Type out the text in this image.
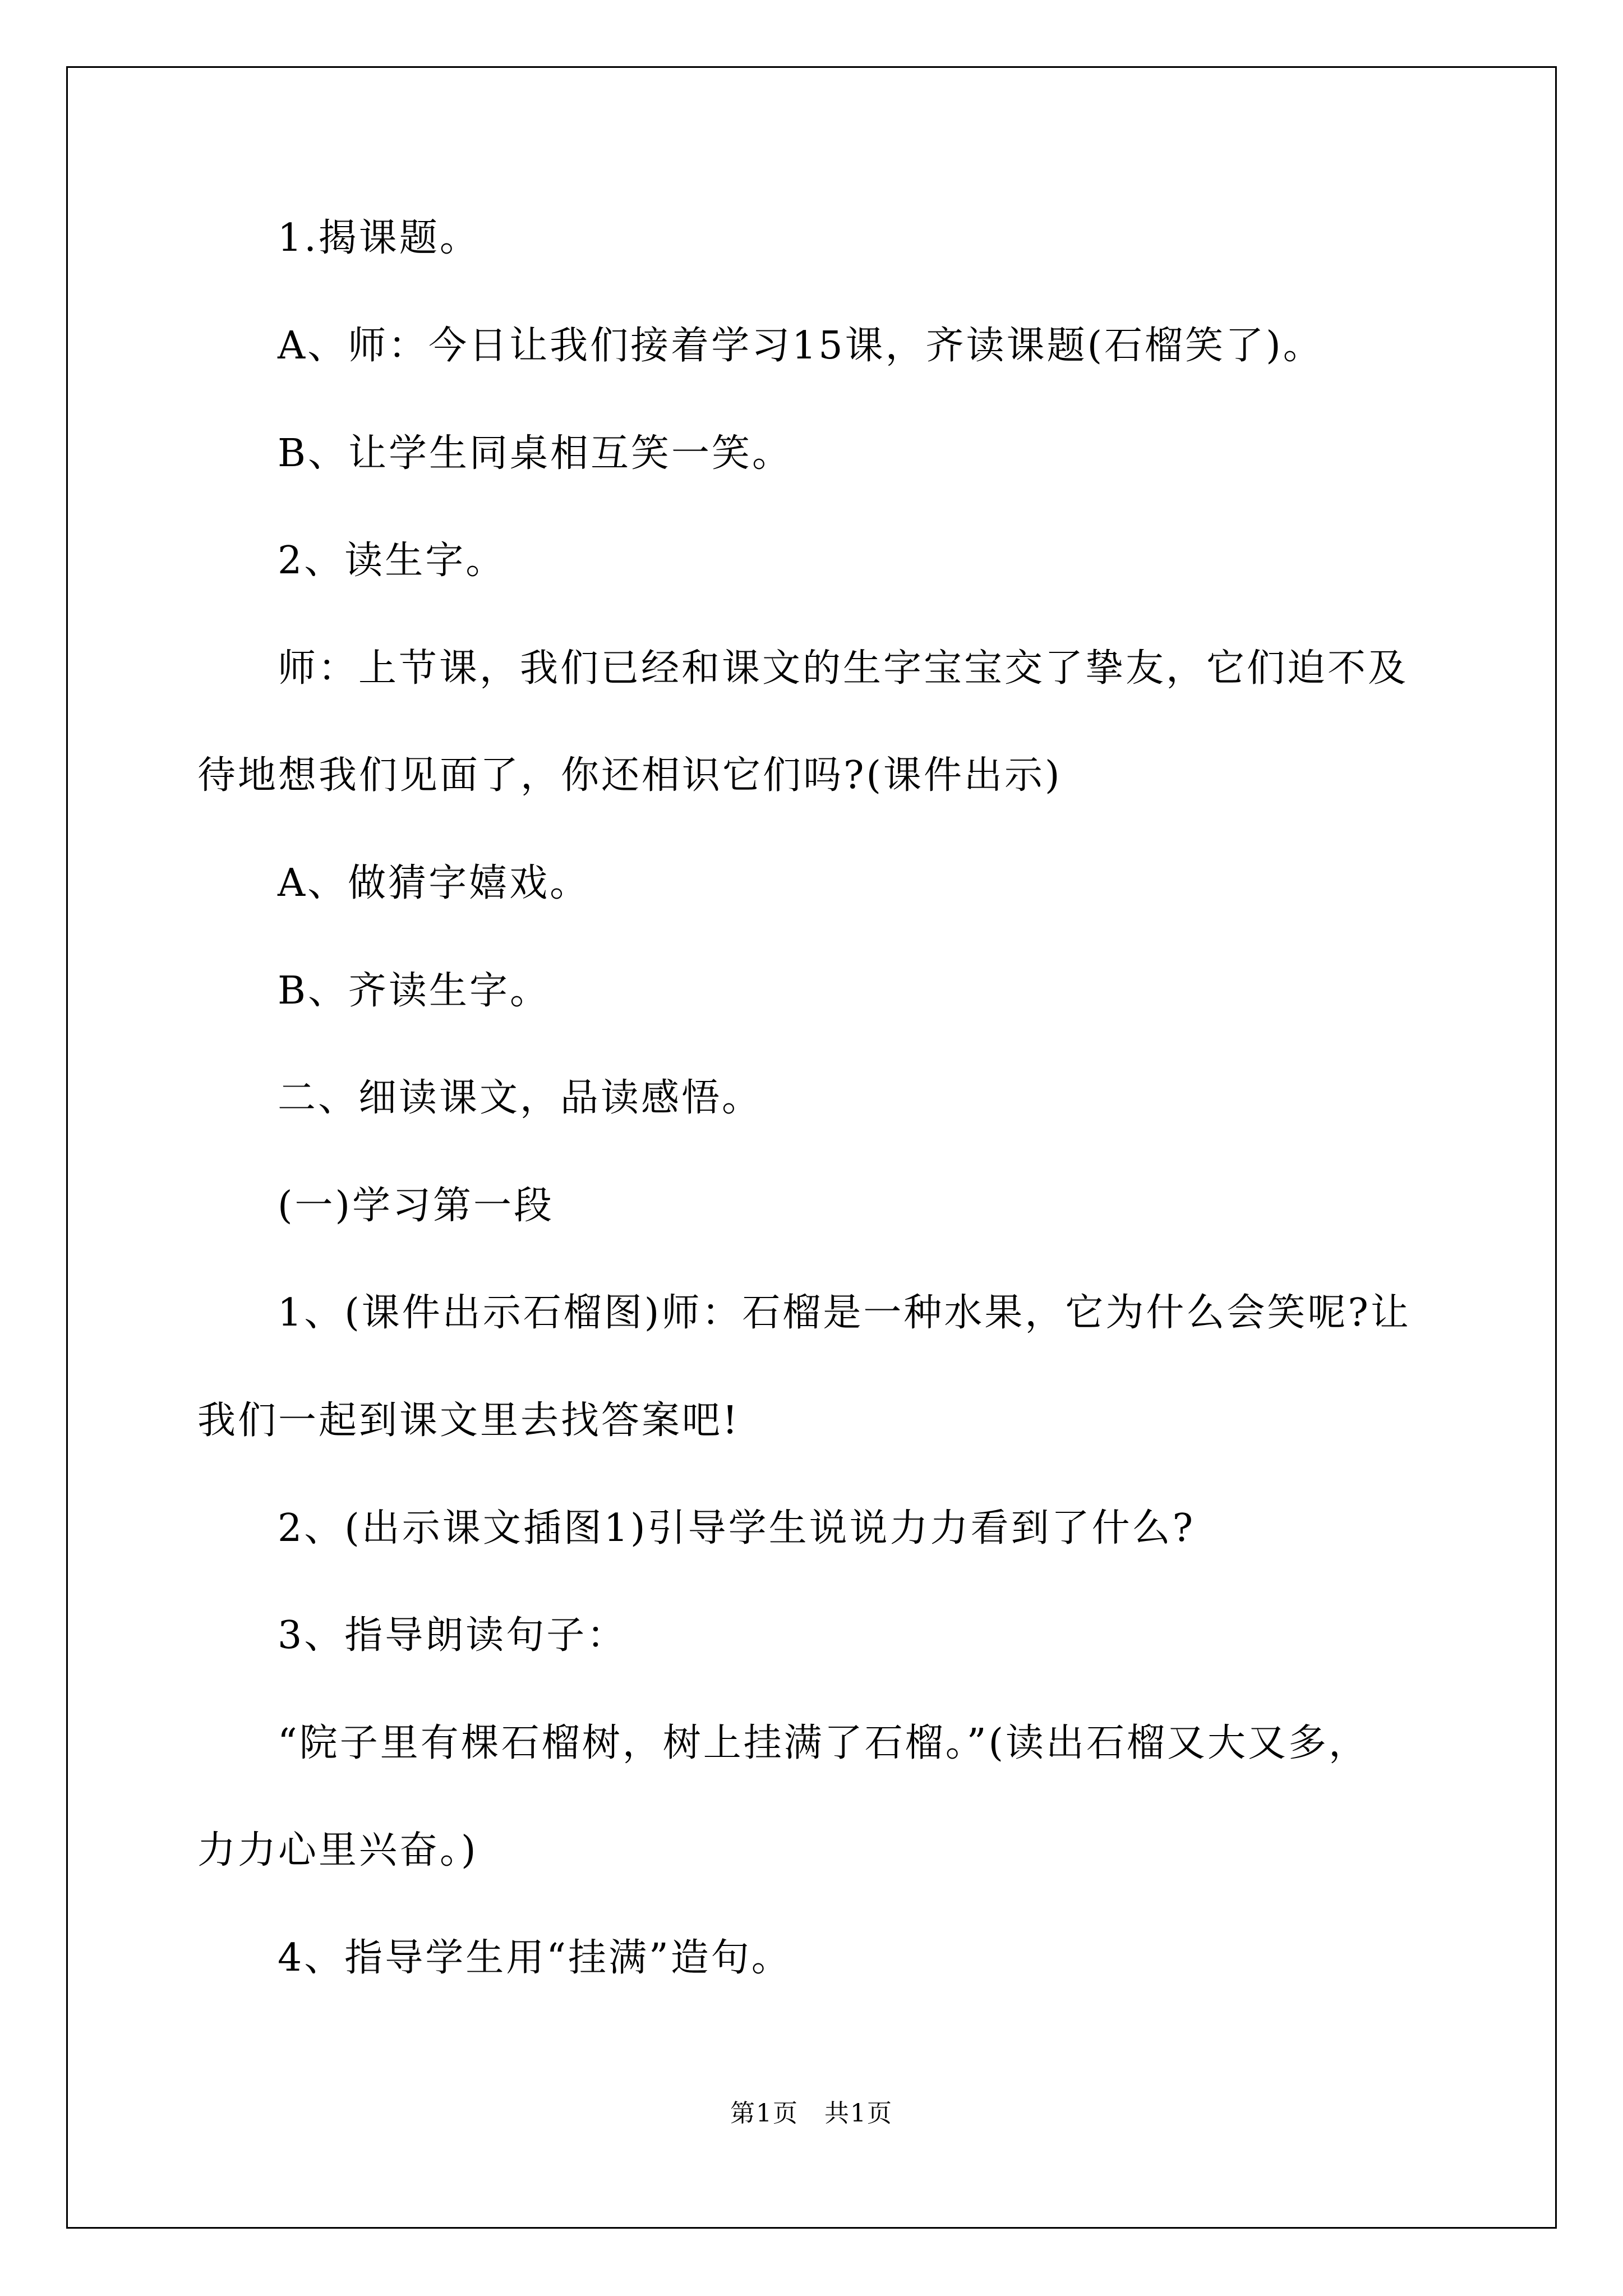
1.揭课题。
A、师：今日让我们接着学习15课，齐读课题(石榴笑了)。
B、让学生同桌相互笑一笑。
2、读生字。
师：上节课，我们已经和课文的生字宝宝交了挚友，它们迫不及
待地想我们见面了，你还相识它们吗?(课件出示)
A、做猜字嬉戏。
B、齐读生字。
二、细读课文，品读感悟。
(一)学习第一段
1、(课件出示石榴图)师：石榴是一种水果，它为什么会笑呢?让
我们一起到课文里去找答案吧!
2、(出示课文插图1)引导学生说说力力看到了什么?
3、指导朗读句子：
“院子里有棵石榴树，树上挂满了石榴。”(读出石榴又大又多，
力力心里兴奋。)
4、指导学生用“挂满”造句。
第1页　共1页
